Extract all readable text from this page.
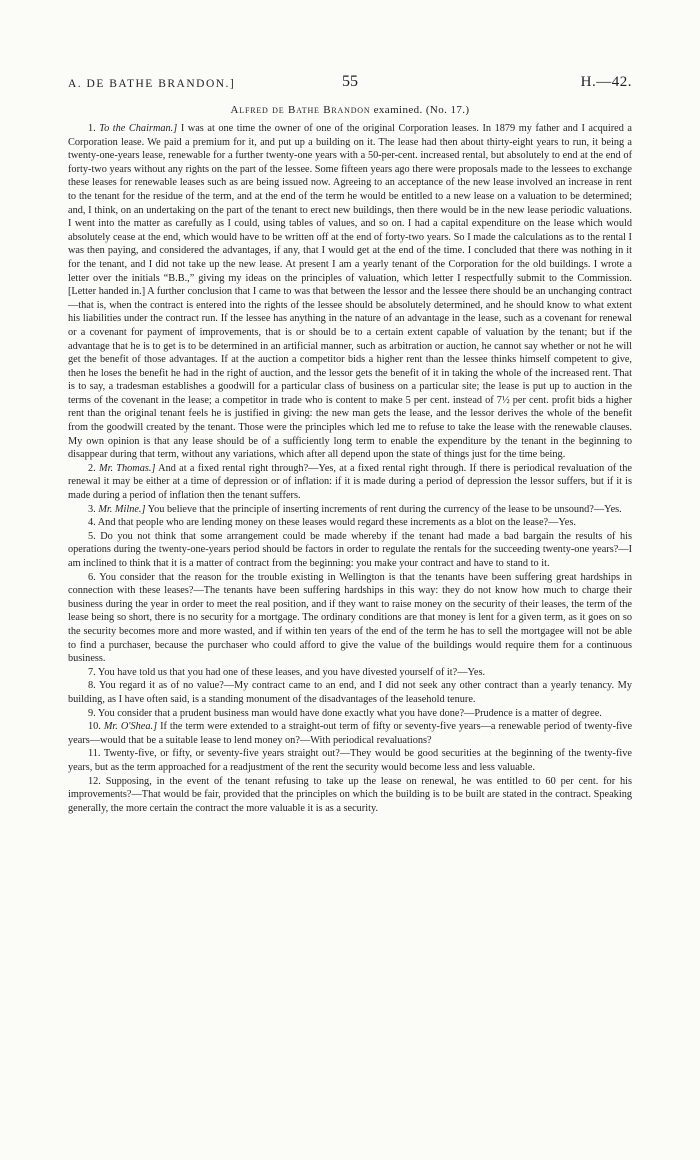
A. DE BATHE BRANDON.]	55	H.—42.
Alfred de Bathe Brandon examined. (No. 17.)

1. To the Chairman.] I was at one time the owner of one of the original Corporation leases. In 1879 my father and I acquired a Corporation lease. We paid a premium for it, and put up a building on it. The lease had then about thirty-eight years to run, it being a twenty-one-years lease, renewable for a further twenty-one years with a 50-per-cent. increased rental, but absolutely to end at the end of forty-two years without any rights on the part of the lessee. Some fifteen years ago there were proposals made to the lessees to exchange these leases for renewable leases such as are being issued now. Agreeing to an acceptance of the new lease involved an increase in rent to the tenant for the residue of the term, and at the end of the term he would be entitled to a new lease on a valuation to be determined; and, I think, on an undertaking on the part of the tenant to erect new buildings, then there would be in the new lease periodic valuations. I went into the matter as carefully as I could, using tables of values, and so on. I had a capital expenditure on the lease which would absolutely cease at the end, which would have to be written off at the end of forty-two years. So I made the calculations as to the rental I was then paying, and considered the advantages, if any, that I would get at the end of the time. I concluded that there was nothing in it for the tenant, and I did not take up the new lease. At present I am a yearly tenant of the Corporation for the old buildings. I wrote a letter over the initials “B.B.,” giving my ideas on the principles of valuation, which letter I respectfully submit to the Commission. [Letter handed in.] A further conclusion that I came to was that between the lessor and the lessee there should be an unchanging contract—that is, when the contract is entered into the rights of the lessee should be absolutely determined, and he should know to what extent his liabilities under the contract run. If the lessee has anything in the nature of an advantage in the lease, such as a covenant for renewal or a covenant for payment of improvements, that is or should be to a certain extent capable of valuation by the tenant; but if the advantage that he is to get is to be determined in an artificial manner, such as arbitration or auction, he cannot say whether or not he will get the benefit of those advantages. If at the auction a competitor bids a higher rent than the lessee thinks himself competent to give, then he loses the benefit he had in the right of auction, and the lessor gets the benefit of it in taking the whole of the increased rent. That is to say, a tradesman establishes a goodwill for a particular class of business on a particular site; the lease is put up to auction in the terms of the covenant in the lease; a competitor in trade who is content to make 5 per cent. instead of 7½ per cent. profit bids a higher rent than the original tenant feels he is justified in giving: the new man gets the lease, and the lessor derives the whole of the benefit from the goodwill created by the tenant. Those were the principles which led me to refuse to take the lease with the renewable clauses. My own opinion is that any lease should be of a sufficiently long term to enable the expenditure by the tenant in the beginning to disappear during that term, without any variations, which after all depend upon the state of things just for the time being.

2. Mr. Thomas.] And at a fixed rental right through?—Yes, at a fixed rental right through. If there is periodical revaluation of the renewal it may be either at a time of depression or of inflation: if it is made during a period of depression the lessor suffers, but if it is made during a period of inflation then the tenant suffers.

3. Mr. Milne.] You believe that the principle of inserting increments of rent during the currency of the lease to be unsound?—Yes.

4. And that people who are lending money on these leases would regard these increments as a blot on the lease?—Yes.

5. Do you not think that some arrangement could be made whereby if the tenant had made a bad bargain the results of his operations during the twenty-one-years period should be factors in order to regulate the rentals for the succeeding twenty-one years?—I am inclined to think that it is a matter of contract from the beginning: you make your contract and have to stand to it.

6. You consider that the reason for the trouble existing in Wellington is that the tenants have been suffering great hardships in connection with these leases?—The tenants have been suffering hardships in this way: they do not know how much to charge their business during the year in order to meet the real position, and if they want to raise money on the security of their leases, the term of the lease being so short, there is no security for a mortgage. The ordinary conditions are that money is lent for a given term, as it goes on so the security becomes more and more wasted, and if within ten years of the end of the term he has to sell the mortgagee will not be able to find a purchaser, because the purchaser who could afford to give the value of the buildings would require them for a continuous business.

7. You have told us that you had one of these leases, and you have divested yourself of it?—Yes.

8. You regard it as of no value?—My contract came to an end, and I did not seek any other contract than a yearly tenancy. My building, as I have often said, is a standing monument of the disadvantages of the leasehold tenure.

9. You consider that a prudent business man would have done exactly what you have done?—Prudence is a matter of degree.

10. Mr. O'Shea.] If the term were extended to a straight-out term of fifty or seventy-five years—a renewable period of twenty-five years—would that be a suitable lease to lend money on?—With periodical revaluations?

11. Twenty-five, or fifty, or seventy-five years straight out?—They would be good securities at the beginning of the twenty-five years, but as the term approached for a readjustment of the rent the security would become less and less valuable.

12. Supposing, in the event of the tenant refusing to take up the lease on renewal, he was entitled to 60 per cent. for his improvements?—That would be fair, provided that the principles on which the building is to be built are stated in the contract. Speaking generally, the more certain the contract the more valuable it is as a security.
